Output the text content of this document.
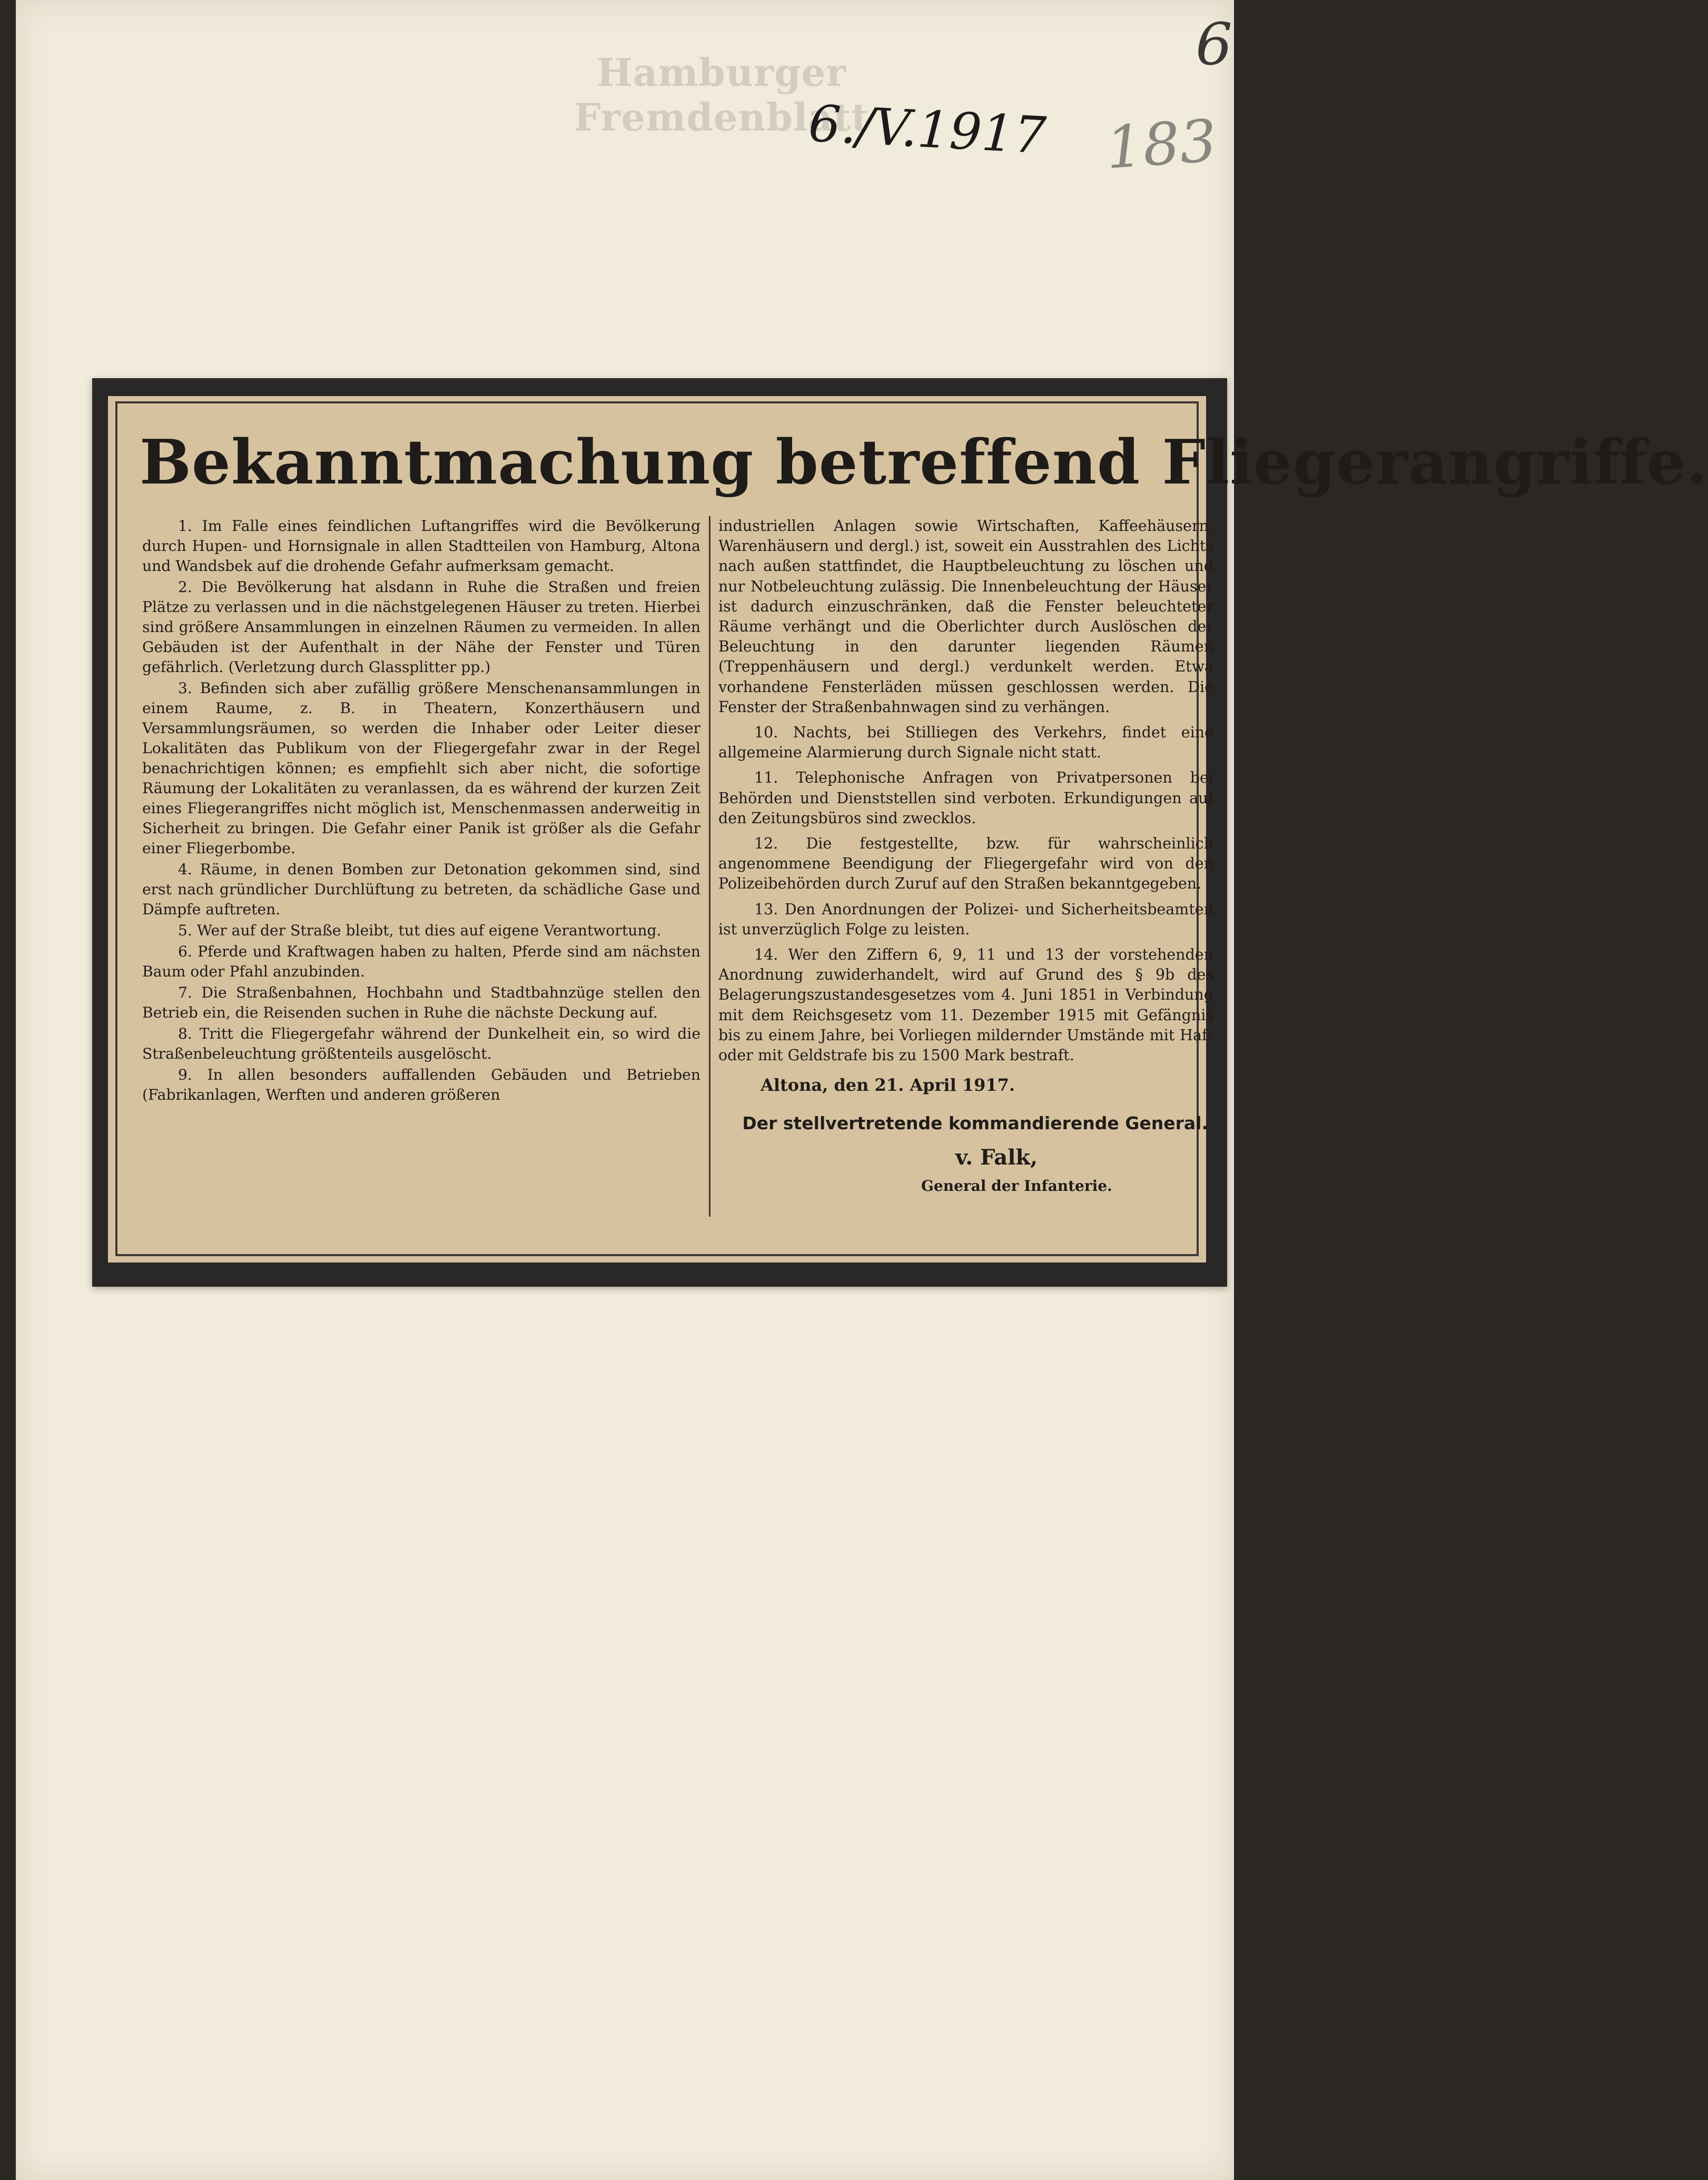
6
Hamburger Fremdenblatt
6./V.1917 183
Bekanntmachung betreffend Fliegerangriffe.

1. Im Falle eines feindlichen Luftangriffes wird die Bevölkerung durch Hupen- und Hornsignale in allen Stadtteilen von Hamburg, Altona und Wandsbek auf die drohende Gefahr aufmerksam gemacht.

2. Die Bevölkerung hat alsdann in Ruhe die Straßen und freien Plätze zu verlassen und in die nächstgelegenen Häuser zu treten. Hierbei sind größere Ansammlungen in einzelnen Räumen zu vermeiden. In allen Gebäuden ist der Aufenthalt in der Nähe der Fenster und Türen gefährlich. (Verletzung durch Glassplitter pp.)

3. Befinden sich aber zufällig größere Menschenansammlungen in einem Raume, z. B. in Theatern, Konzerthäusern und Versammlungsräumen, so werden die Inhaber oder Leiter dieser Lokalitäten das Publikum von der Fliegergefahr zwar in der Regel benachrichtigen können; es empfiehlt sich aber nicht, die sofortige Räumung der Lokalitäten zu veranlassen, da es während der kurzen Zeit eines Fliegerangriffes nicht möglich ist, Menschenmassen anderweitig in Sicherheit zu bringen. Die Gefahr einer Panik ist größer als die Gefahr einer Fliegerbombe.

4. Räume, in denen Bomben zur Detonation gekommen sind, sind erst nach gründlicher Durchlüftung zu betreten, da schädliche Gase und Dämpfe auftreten.

5. Wer auf der Straße bleibt, tut dies auf eigene Verantwortung.

6. Pferde und Kraftwagen haben zu halten, Pferde sind am nächsten Baum oder Pfahl anzubinden.

7. Die Straßenbahnen, Hochbahn und Stadtbahnzüge stellen den Betrieb ein, die Reisenden suchen in Ruhe die nächste Deckung auf.

8. Tritt die Fliegergefahr während der Dunkelheit ein, so wird die Straßenbeleuchtung größtenteils ausgelöscht.

9. In allen besonders auffallenden Gebäuden und Betrieben (Fabrikanlagen, Werften und anderen größeren

industriellen Anlagen sowie Wirtschaften, Kaffeehäusern, Warenhäusern und dergl.) ist, soweit ein Ausstrahlen des Lichts nach außen stattfindet, die Hauptbeleuchtung zu löschen und nur Notbeleuchtung zulässig. Die Innenbeleuchtung der Häuser ist dadurch einzuschränken, daß die Fenster beleuchteter Räume verhängt und die Oberlichter durch Auslöschen der Beleuchtung in den darunter liegenden Räumen (Treppenhäusern und dergl.) verdunkelt werden. Etwa vorhandene Fensterläden müssen geschlossen werden. Die Fenster der Straßenbahnwagen sind zu verhängen.

10. Nachts, bei Stilliegen des Verkehrs, findet eine allgemeine Alarmierung durch Signale nicht statt.

11. Telephonische Anfragen von Privatpersonen bei Behörden und Dienststellen sind verboten. Erkundigungen auf den Zeitungsbüros sind zwecklos.

12. Die festgestellte, bzw. für wahrscheinlich angenommene Beendigung der Fliegergefahr wird von den Polizeibehörden durch Zuruf auf den Straßen bekanntgegeben.

13. Den Anordnungen der Polizei- und Sicherheitsbeamten ist unverzüglich Folge zu leisten.

14. Wer den Ziffern 6, 9, 11 und 13 der vorstehenden Anordnung zuwiderhandelt, wird auf Grund des § 9b des Belagerungszustandesgesetzes vom 4. Juni 1851 in Verbindung mit dem Reichsgesetz vom 11. Dezember 1915 mit Gefängnis bis zu einem Jahre, bei Vorliegen mildernder Umstände mit Haft oder mit Geldstrafe bis zu 1500 Mark bestraft.

Altona, den 21. April 1917.
Der stellvertretende kommandierende General.
v. Falk,
General der Infanterie.
